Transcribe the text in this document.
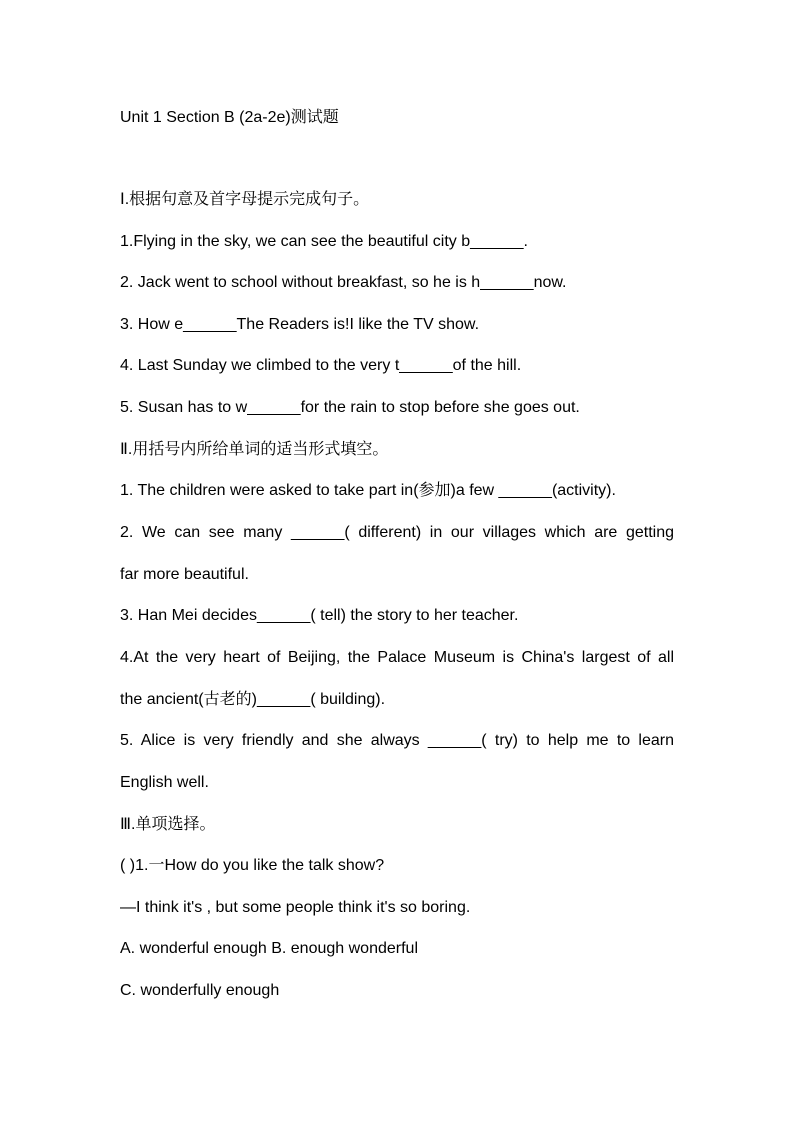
Unit 1 Section B (2a-2e)测试题
Ⅰ.根据句意及首字母提示完成句子。
1.Flying in the sky, we can see the beautiful city b______.
2. Jack went to school without breakfast, so he is h______now.
3. How e______The Readers is!I like the TV show.
4. Last Sunday we climbed to the very t______of the hill.
5. Susan has to w______for the rain to stop before she goes out.
Ⅱ.用括号内所给单词的适当形式填空。
1. The children were asked to take part in(参加)a few ______(activity).
2. We can see many ______( different) in our villages which are getting
far more beautiful.
3. Han Mei decides______( tell) the story to her teacher.
4.At the very heart of Beijing, the Palace Museum is China's largest of all
the ancient(古老的)______( building).
5. Alice is very friendly and she always ______( try) to help me to learn
English well.
Ⅲ.单项选择。
( )1.一How do you like the talk show?
—I think it's , but some people think it's so boring.
A. wonderful enough B. enough wonderful
C. wonderfully enough
